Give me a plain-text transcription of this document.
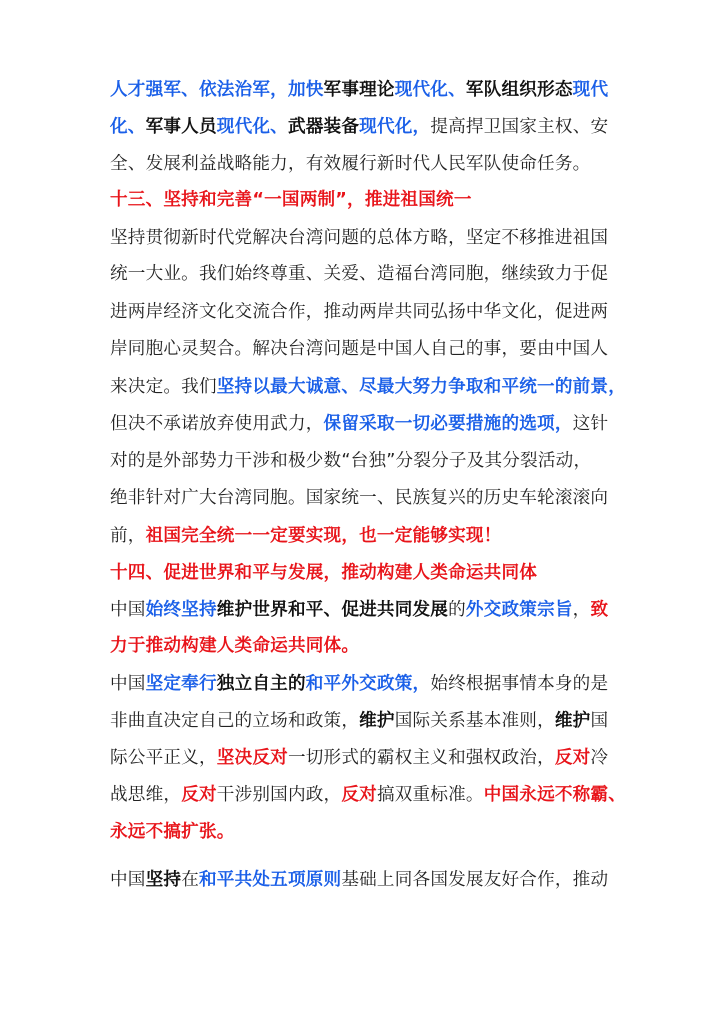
人才强军、依法治军，加快军事理论现代化、军队组织形态现代
化、军事人员现代化、武器装备现代化，提高捍卫国家主权、安
全、发展利益战略能力，有效履行新时代人民军队使命任务。
十三、坚持和完善“一国两制”，推进祖国统一
坚持贯彻新时代党解决台湾问题的总体方略，坚定不移推进祖国
统一大业。我们始终尊重、关爱、造福台湾同胞，继续致力于促
进两岸经济文化交流合作，推动两岸共同弘扬中华文化，促进两
岸同胞心灵契合。解决台湾问题是中国人自己的事，要由中国人
来决定。我们坚持以最大诚意、尽最大努力争取和平统一的前景，
但决不承诺放弃使用武力，保留采取一切必要措施的选项，这针
对的是外部势力干涉和极少数“台独”分裂分子及其分裂活动，
绝非针对广大台湾同胞。国家统一、民族复兴的历史车轮滚滚向
前，祖国完全统一一定要实现，也一定能够实现！
十四、促进世界和平与发展，推动构建人类命运共同体
中国始终坚持维护世界和平、促进共同发展的外交政策宗旨，致
力于推动构建人类命运共同体。
中国坚定奉行独立自主的和平外交政策，始终根据事情本身的是
非曲直决定自己的立场和政策，维护国际关系基本准则，维护国
际公平正义，坚决反对一切形式的霸权主义和强权政治，反对冷
战思维，反对干涉别国内政，反对搞双重标准。中国永远不称霸、
永远不搞扩张。
中国坚持在和平共处五项原则基础上同各国发展友好合作，推动
